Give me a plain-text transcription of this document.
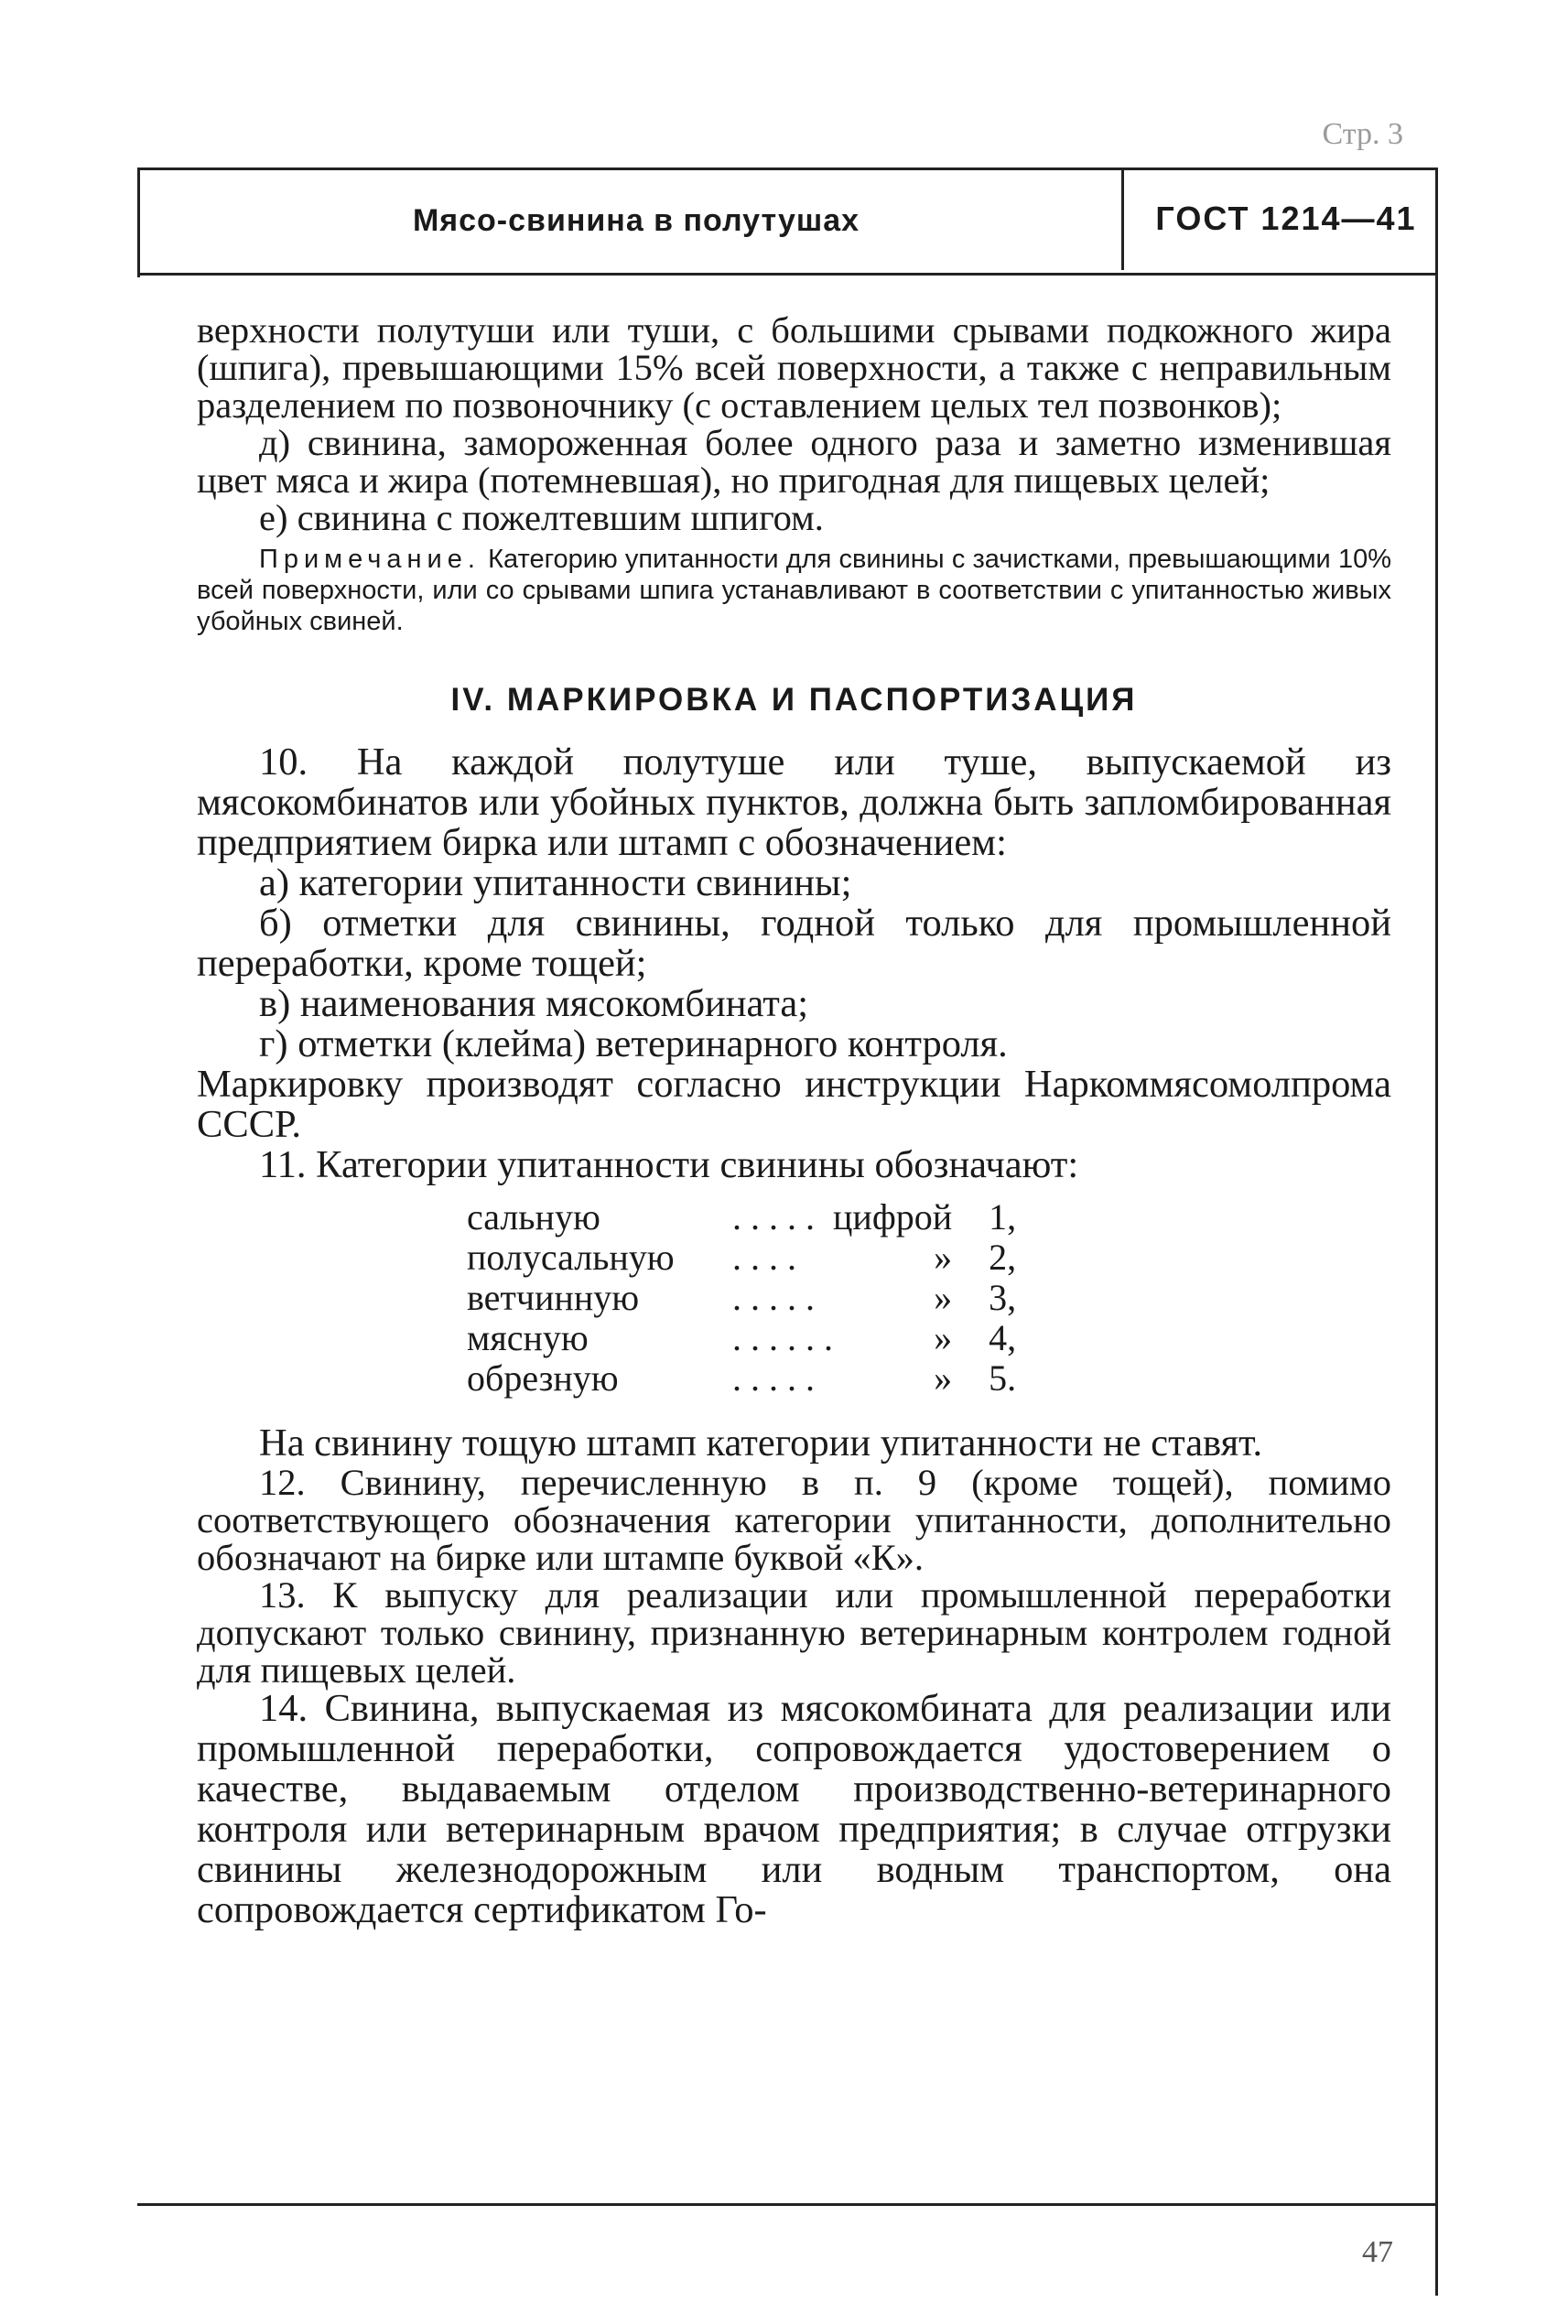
Стр. 3
Мясо-свинина в полутушах	ГОСТ 1214—41

верхности полутуши или туши, с большими срывами подкожного жира (шпига), превышающими 15% всей поверхности, а также с неправильным разделением по позвоночнику (с оставлением целых тел позвонков);

д) свинина, замороженная более одного раза и заметно изменившая цвет мяса и жира (потемневшая), но пригодная для пищевых целей;

е) свинина с пожелтевшим шпигом.

Примечание. Категорию упитанности для свинины с зачистками, превышающими 10% всей поверхности, или со срывами шпига устанавливают в соответствии с упитанностью живых убойных свиней.

IV. МАРКИРОВКА И ПАСПОРТИЗАЦИЯ

10. На каждой полутуше или туше, выпускаемой из мясокомбинатов или убойных пунктов, должна быть запломбированная предприятием бирка или штамп с обозначением:

а) категории упитанности свинины;

б) отметки для свинины, годной только для промышленной переработки, кроме тощей;

в) наименования мясокомбината;

г) отметки (клейма) ветеринарного контроля.

Маркировку производят согласно инструкции Наркоммясомолпрома СССР.

11. Категории упитанности свинины обозначают:

сальную	. . . . .	цифрой	1,
полусальную	. . . .	»	2,
ветчинную	. . . . .	»	3,
мясную	. . . . . .	»	4,
обрезную	. . . . .	»	5.

На свинину тощую штамп категории упитанности не ставят.

12. Свинину, перечисленную в п. 9 (кроме тощей), помимо соответствующего обозначения категории упитанности, дополнительно обозначают на бирке или штампе буквой «К».

13. К выпуску для реализации или промышленной переработки допускают только свинину, признанную ветеринарным контролем годной для пищевых целей.

14. Свинина, выпускаемая из мясокомбината для реализации или промышленной переработки, сопровождается удостоверением о качестве, выдаваемым отделом производственно-ветеринарного контроля или ветеринарным врачом предприятия; в случае отгрузки свинины железнодорожным или водным транспортом, она сопровождается сертификатом Го-

47
